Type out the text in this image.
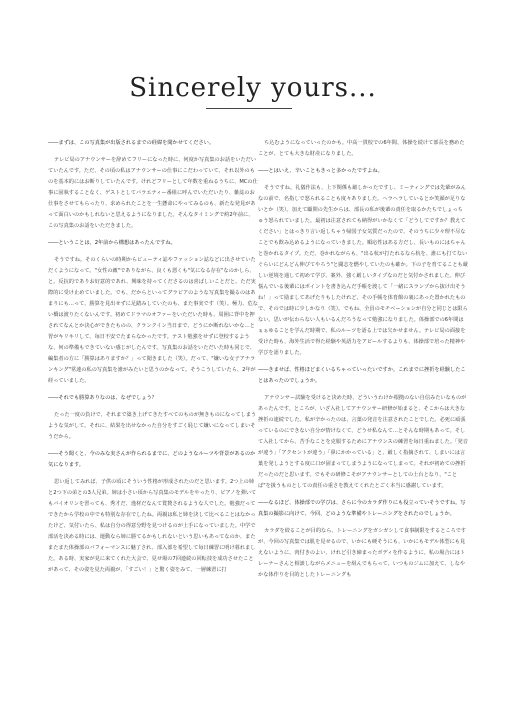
Sincerely yours...

――まずは、この写真集が出版されるまでの経緯を聞かせてください。

テレビ局のアナウンサーを辞めてフリーになった時に、何度か写真集のお話をいただいていたんです。ただ、その頃の私はアナウンサーの仕事にこだわっていて、それ以外のものを基本的にはお断りしていたんです。けれどフリーとして年数を重ねるうちに、MCの仕事に固執することなく、ゲストとしてバラエティー番組に呼んでいただいたり、雑誌のお仕事をさせてもらったり、求められたことを一生懸命にやってみるのも、新たな発見があって面白いのかもしれないと思えるようになりました。そんなタイミングで約2年前に、この写真集のお話をいただきました。

――ということは、2年前から構想はあったんですね。

そうですね。そのくらいの時期からビューティ誌やファッション誌などに出させていただくようになって。"女性の敵"でありながら、良くも悪くも"気になる存在"なのかしら、と。反抗的でありお好意的であれ、興味を持ってくださるのは喜ばしいことだと。ただ実際的に受け止めていました。でも、だからといってグラビアのような写真集を撮るのはあまりにも…って、勝算を見出せずに足踏みしていたのも、また事実です（笑）。極力、危ない橋は渡りたくないんです。初めてドラマのオファーをいただいた時も、周囲に背中を押されてなんとか決心ができたものの、クランクイン当日まで、どうにか断れないかな…と胃がキリキリして、毎日不安でたまらなかったです。テスト勉強をせずに登校するような、何の準備もできていない感じがしたんです。写真集のお話をいただいた時も同じで、編集者の方に「勝算はありますか？」って聞きました（笑）。だって、"嫌いな女子アナランキング"常連の私の写真集を誰がみたいと思うのかなって。そうこうしていたら、2年が経っていました。

――それでも勝算ありなのは、なぜでしょう？

たった一度の負けで、それまで築き上げてきたすべてのものが無きものになってしまうような気がして。それに、結果を出せなかった自分をすごく恥じて嫌いになってしまいそうだから。

――そう聞くと、今のみな実さんが作られるまでに、どのようなルーツや背景があるのか気になります。

思い返してみれば、子供の頃にそういう性格が形成されたのだと思います。2つ上の姉と2つ下の弟との3人兄弟。姉は小さい頃から写真集のモデルをやったり、ピアノを弾いてもバイオリンを習っても、秀才だ、逸材だなんて賞賛されるような人でした。勉強だってできたから学校の中でも特別な存在でしたね。両親は私と姉を決して比べることはなかったけど、気付いたら、私は自分の得意分野を見つけるのが上手になっていました。中学で部活を決める時には、運動なら姉に勝てるかもしれないという思いもあってなのか、またまたまた体操部のバフォーマンスに魅了され、部入部を希望して毎日練習に明け暮れました。ある時、実家が見に来てくれた大会で、見せ場の7回連続の回転技を成功させたことがあって、その姿を見た両親が、「すごい！」と驚く姿をみて、一層練習に打

ち込むようになっていったのかも。中高一貫校での6年間、体操を続けて部長を務めたことが、とても大きな財産になりました。

――とはいえ、辛いこともきっと多かったですよね。

そうですね。礼儀作法も、上下関係も厳しかったですし、ミーティングでは先輩がみんなの前で、名指しで怒られることも度々ありました。ヘラヘラしているとか笑顔が足りないとか（笑）。加えて顧問の先生からは、部長の私が後輩の責任を取るかたちでしょっちゅう怒られていました。最初は注意されても納得がいかなくて「どうしてですか？教えてください」とはっきり言い返しちゃう帰国子女気質だったので、そのうちに少々理不尽なことでも飲み込めるようになっていきました。順応性はある方だし、長いものにはちゃんと巻かれるタイプ。ただ、巻かれながらも、"出る杭が打たれるなら杭を、誰にも打てないぐらいにどんどん伸びてやろう"と闘志を燃やしていたのも確か。下の子を育てることも厳しい逆境を通して初めて学び、案外、強く厳しいタイプなのだと気付かされました。伸び悩んでいる後輩にはポイントを書き込んだ手帳を渡して「一緒にスランプから抜け出そうね！」って励ましてあげたりもしたけれど、その手帳を体育館の裏にあった置かれたもので、そのでは時に少しかなり（笑）。でもね、全員のモチベーションが自分と同じとは限らない。思いが伝わらない人もいるんだろうなって勉強になりました。体操部での6年間はぁぁゆることを学んだ時期で、私のルーツを語る上では欠かせません。テレビ局の面接を受けた時も、海外生活で得た経験や英語力をアピールするよりも、体操部で培った精神や学びを語りました。

――きませば、性格ほどまくいるちゃっていったいですか。これまでに挫折を経験したことはあったのでしょうか。

アナウンサー試験を受けると決めた時、どういうわけか根拠のない自信みたいなものがあったんです。ところが、いざ入社してアナウンサー研修が始まると、そこからは大きな挫折の連続でした。私が辛かったのは、言葉の発音を注意されたことでした。必死に頑張っているのにできない自分が情けなくて、どうせ私なんて…とそんな時期もあって。そして入社してから、苦手なことを克服するためにアナウンスの練習を毎日重ねました。「発音が違う」「アクセントが違う」「鼻にかかっている」と、厳しく指摘されて、しまいには言葉を発しようとする度に口が固まってしまうようになってしまって。それが初めての挫折だったのだと思います。でもその研修こそがアナウンサーとしての土台となり、"ことば"を扱うものとしての責任の重さを教えてくれたとごく本当に感謝しています。

――なるほど、体操部での学びは、さらに今のカラダ作りにも役立っていそうですね。写真集の撮影に向けて、今回、どのような準備やトレーニングをされたのでしょうか。

カラダを絞ることが目的なら、トレーニングをガシガシして食事制限をするところですが、今回の写真集では肌を見せるので、いかにも硬そうにも、いかにもモデル体型にも見えないように、肉付きのよい、けれど引き締まったボディを作るように。私の場合にはトレーナーさんと相談しながらメニューを組んでもらって、いつものジムに加えて、しなやかな体作りを目的としたトレーニングも
